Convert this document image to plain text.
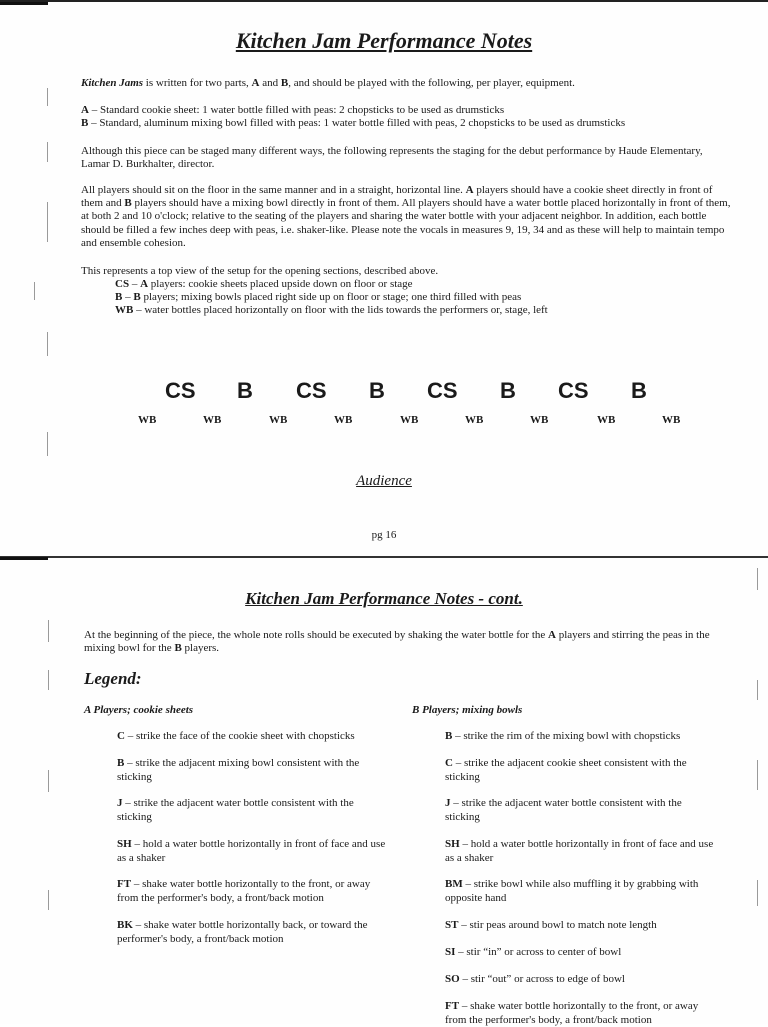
Kitchen Jam Performance Notes

Kitchen Jams is written for two parts, A and B, and should be played with the following, per player, equipment.

A – Standard cookie sheet: 1 water bottle filled with peas: 2 chopsticks to be used as drumsticks

B – Standard, aluminum mixing bowl filled with peas: 1 water bottle filled with peas, 2 chopsticks to be used as drumsticks

Although this piece can be staged many different ways, the following represents the staging for the debut performance by Haude Elementary, Lamar D. Burkhalter, director.

All players should sit on the floor in the same manner and in a straight, horizontal line. A players should have a cookie sheet directly in front of them and B players should have a mixing bowl directly in front of them. All players should have a water bottle placed horizontally in front of them, at both 2 and 10 o'clock; relative to the seating of the players and sharing the water bottle with your adjacent neighbor. In addition, each bottle should be filled a few inches deep with peas, i.e. shaker-like. Please note the vocals in measures 9, 19, 34 and as these will help to maintain tempo and ensemble cohesion.

This represents a top view of the setup for the opening sections, described above.

CS – A players: cookie sheets placed upside down on floor or stage

B – B players; mixing bowls placed right side up on floor or stage; one third filled with peas

WB – water bottles placed horizontally on floor with the lids towards the performers or, stage, left

CS B CS B CS B CS B
WB	WB	WB	WB	WB	WB	WB	WB	WB
Audience
pg 16
Kitchen Jam Performance Notes - cont.

At the beginning of the piece, the whole note rolls should be executed by shaking the water bottle for the A players and stirring the peas in the mixing bowl for the B players.

Legend:
A Players; cookie sheets	B Players; mixing bowls

C – strike the face of the cookie sheet with chopsticks

B – strike the adjacent mixing bowl consistent with the sticking

J – strike the adjacent water bottle consistent with the sticking

SH – hold a water bottle horizontally in front of face and use as a shaker

FT – shake water bottle horizontally to the front, or away from the performer's body, a front/back motion

BK – shake water bottle horizontally back, or toward the performer's body, a front/back motion

B – strike the rim of the mixing bowl with chopsticks

C – strike the adjacent cookie sheet consistent with the sticking

J – strike the adjacent water bottle consistent with the sticking

SH – hold a water bottle horizontally in front of face and use as a shaker

BM – strike bowl while also muffling it by grabbing with opposite hand

ST – stir peas around bowl to match note length

SI – stir “in” or across to center of bowl

SO – stir “out” or across to edge of bowl

FT – shake water bottle horizontally to the front, or away from the performer's body, a front/back motion
